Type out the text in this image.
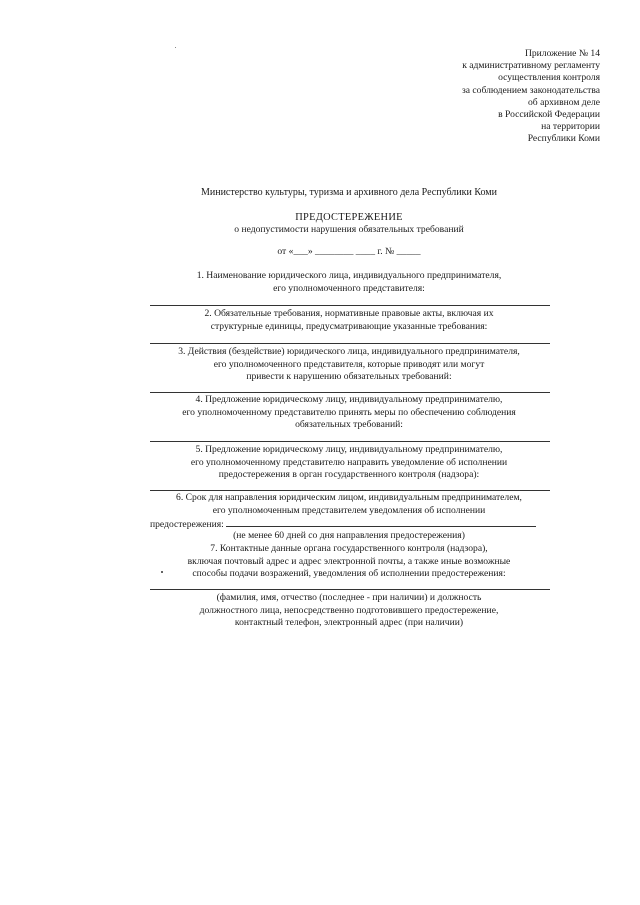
Приложение № 14
к административному регламенту
осуществления контроля
за соблюдением законодательства
об архивном деле
в Российской Федерации
на территории
Республики Коми
Министерство культуры, туризма и архивного дела Республики Коми
ПРЕДОСТЕРЕЖЕНИЕ
о недопустимости нарушения обязательных требований
от «___» ________ ____ г. № _____
1. Наименование юридического лица, индивидуального предпринимателя,
его уполномоченного представителя:
2. Обязательные требования, нормативные правовые акты, включая их
структурные единицы, предусматривающие указанные требования:
3. Действия (бездействие) юридического лица, индивидуального предпринимателя,
его уполномоченного представителя, которые приводят или могут
привести к нарушению обязательных требований:
4. Предложение юридическому лицу, индивидуальному предпринимателю,
его уполномоченному представителю принять меры по обеспечению соблюдения
обязательных требований:
5. Предложение юридическому лицу, индивидуальному предпринимателю,
его уполномоченному представителю направить уведомление об исполнении
предостережения в орган государственного контроля (надзора):
6. Срок для направления юридическим лицом, индивидуальным предпринимателем,
его уполномоченным представителем уведомления об исполнении
предостережения:
(не менее 60 дней со дня направления предостережения)
7. Контактные данные органа государственного контроля (надзора),
включая почтовый адрес и адрес электронной почты, а также иные возможные
способы подачи возражений, уведомления об исполнении предостережения:
(фамилия, имя, отчество (последнее - при наличии) и должность
должностного лица, непосредственно подготовившего предостережение,
контактный телефон, электронный адрес (при наличии)
